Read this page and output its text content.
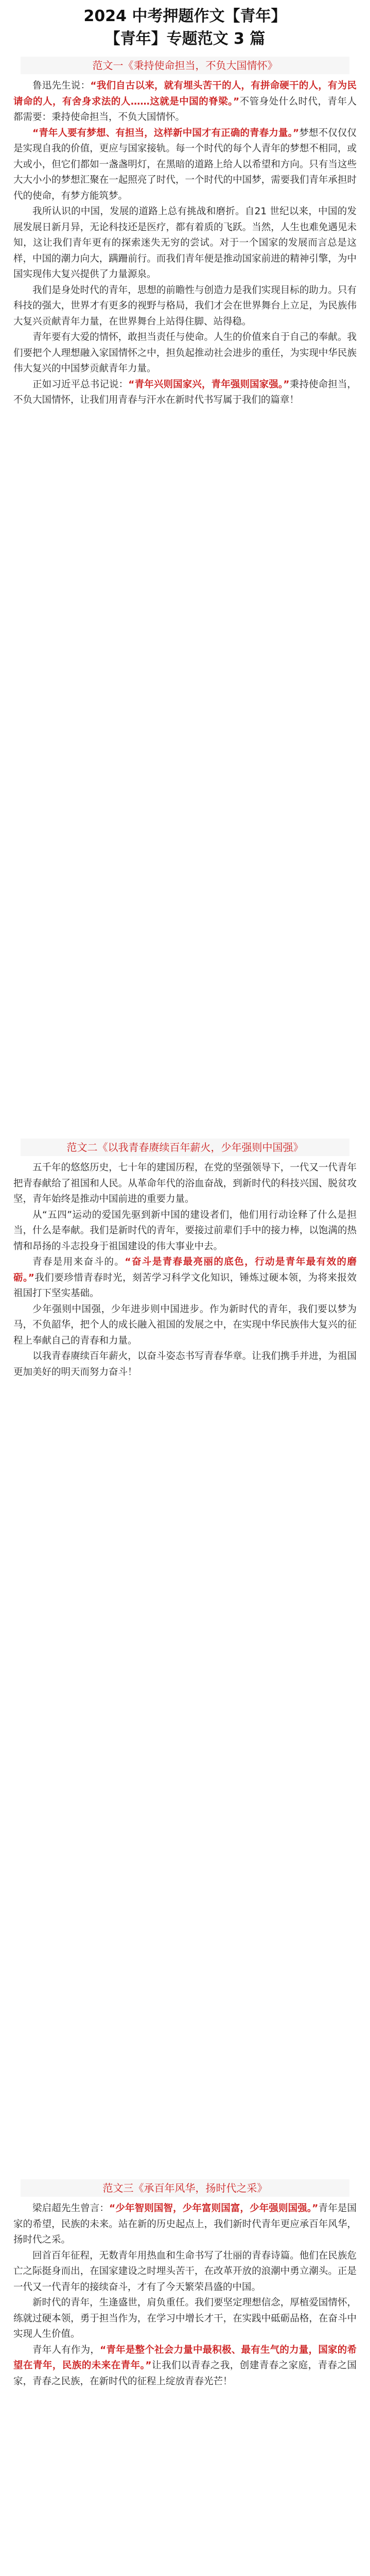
2024 中考押题作文【青年】
【青年】专题范文 3 篇
范文一《秉持使命担当，不负大国情怀》

鲁迅先生说：“我们自古以来，就有埋头苦干的人，有拼命硬干的人，有为民请命的人，有舍身求法的人……这就是中国的脊梁。”不管身处什么时代，青年人都需要：秉持使命担当，不负大国情怀。

“青年人要有梦想、有担当，这样新中国才有正确的青春力量。”梦想不仅仅仅是实现自我的价值，更应与国家接轨。每一个时代的每个人青年的梦想不相同，或大或小，但它们都如一盏盏明灯，在黑暗的道路上给人以希望和方向。只有当这些大大小小的梦想汇聚在一起照亮了时代，一个时代的中国梦，需要我们青年承担时代的使命，有梦方能筑梦。

我所认识的中国，发展的道路上总有挑战和磨折。自21 世纪以来，中国的发展发展日新月异，无论科技还是医疗，都有着质的飞跃。当然，人生也难免遇见未知，这让我们青年更有的探索迷失无穷的尝试。对于一个国家的发展而言总是这样，中国的潮力向大，蹒跚前行。而我们青年便是推动国家前进的精神引擎，为中国实现伟大复兴提供了力量源泉。

我们是身处时代的青年，思想的前瞻性与创造力是我们实现目标的助力。只有科技的强大，世界才有更多的视野与格局，我们才会在世界舞台上立足，为民族伟大复兴贡献青年力量，在世界舞台上站得住脚、站得稳。

青年要有大爱的情怀，敢担当责任与使命。人生的价值来自于自己的奉献。我们要把个人理想融入家国情怀之中，担负起推动社会进步的重任，为实现中华民族伟大复兴的中国梦贡献青年力量。

正如习近平总书记说：“青年兴则国家兴，青年强则国家强。”秉持使命担当，不负大国情怀，让我们用青春与汗水在新时代书写属于我们的篇章！

范文二《以我青春赓续百年薪火，少年强则中国强》

五千年的悠悠历史，七十年的建国历程，在党的坚强领导下，一代又一代青年把青春献给了祖国和人民。从革命年代的浴血奋战，到新时代的科技兴国、脱贫攻坚，青年始终是推动中国前进的重要力量。

从“五四”运动的爱国先驱到新中国的建设者们，他们用行动诠释了什么是担当，什么是奉献。我们是新时代的青年，要接过前辈们手中的接力棒，以饱满的热情和昂扬的斗志投身于祖国建设的伟大事业中去。

青春是用来奋斗的。“奋斗是青春最亮丽的底色，行动是青年最有效的磨砺。”我们要珍惜青春时光，刻苦学习科学文化知识，锤炼过硬本领，为将来报效祖国打下坚实基础。

少年强则中国强，少年进步则中国进步。作为新时代的青年，我们要以梦为马，不负韶华，把个人的成长融入祖国的发展之中，在实现中华民族伟大复兴的征程上奉献自己的青春和力量。

以我青春赓续百年薪火，以奋斗姿态书写青春华章。让我们携手并进，为祖国更加美好的明天而努力奋斗！

范文三《承百年风华，扬时代之采》

梁启超先生曾言：“少年智则国智，少年富则国富，少年强则国强。”青年是国家的希望，民族的未来。站在新的历史起点上，我们新时代青年更应承百年风华，扬时代之采。

回首百年征程，无数青年用热血和生命书写了壮丽的青春诗篇。他们在民族危亡之际挺身而出，在国家建设之时埋头苦干，在改革开放的浪潮中勇立潮头。正是一代又一代青年的接续奋斗，才有了今天繁荣昌盛的中国。

新时代的青年，生逢盛世，肩负重任。我们要坚定理想信念，厚植爱国情怀，练就过硬本领，勇于担当作为，在学习中增长才干，在实践中砥砺品格，在奋斗中实现人生价值。

青年人有作为，“青年是整个社会力量中最积极、最有生气的力量，国家的希望在青年，民族的未来在青年。”让我们以青春之我，创建青春之家庭，青春之国家，青春之民族，在新时代的征程上绽放青春光芒！
